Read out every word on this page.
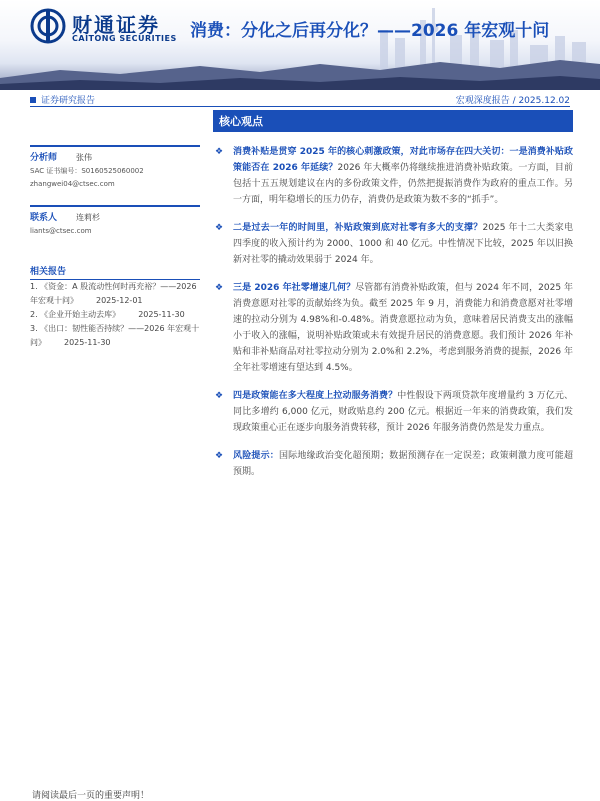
财通证券
CAITONG SECURITIES 消费：分化之后再分化？——2026 年宏观十问
证券研究报告	宏观深度报告 / 2025.12.02
分析师 张伟
SAC 证书编号：S0160525060002
zhangwei04@ctsec.com
联系人 连莉杉
liants@ctsec.com
相关报告
1. 《资金：A 股流动性何时再充裕？——2026 年宏观十问》 2025-12-01
2. 《企业开始主动去库》 2025-11-30
3. 《出口：韧性能否持续？——2026 年宏观十问》 2025-11-30
核心观点
❖ 消费补贴是贯穿 2025 年的核心刺激政策，对此市场存在四大关切：一是消费补贴政策能否在 2026 年延续？2026 年大概率仍将继续推进消费补贴政策。一方面，目前包括十五五规划建议在内的多份政策文件，仍然把提振消费作为政府的重点工作。另一方面，明年稳增长的压力仍存，消费仍是政策为数不多的“抓手”。
❖ 二是过去一年的时间里，补贴政策到底对社零有多大的支撑？2025 年十二大类家电四季度的收入预计约为 2000、1000 和 40 亿元。中性情况下比较，2025 年以旧换新对社零的撬动效果弱于 2024 年。
❖ 三是 2026 年社零增速几何？尽管都有消费补贴政策，但与 2024 年不同，2025 年消费意愿对社零的贡献始终为负。截至 2025 年 9 月，消费能力和消费意愿对社零增速的拉动分别为 4.98%和-0.48%。消费意愿拉动为负，意味着居民消费支出的涨幅小于收入的涨幅，说明补贴政策或未有效提升居民的消费意愿。我们预计 2026 年补贴和非补贴商品对社零拉动分别为 2.0%和 2.2%，考虑到服务消费的提振，2026 年全年社零增速有望达到 4.5%。
❖ 四是政策能在多大程度上拉动服务消费？中性假设下两项贷款年度增量约 3 万亿元、同比多增约 6,000 亿元，财政贴息约 200 亿元。根据近一年来的消费政策，我们发现政策重心正在逐步向服务消费转移，预计 2026 年服务消费仍然是发力重点。
❖ 风险提示：国际地缘政治变化超预期；数据预测存在一定误差；政策刺激力度可能超预期。
请阅读最后一页的重要声明！
